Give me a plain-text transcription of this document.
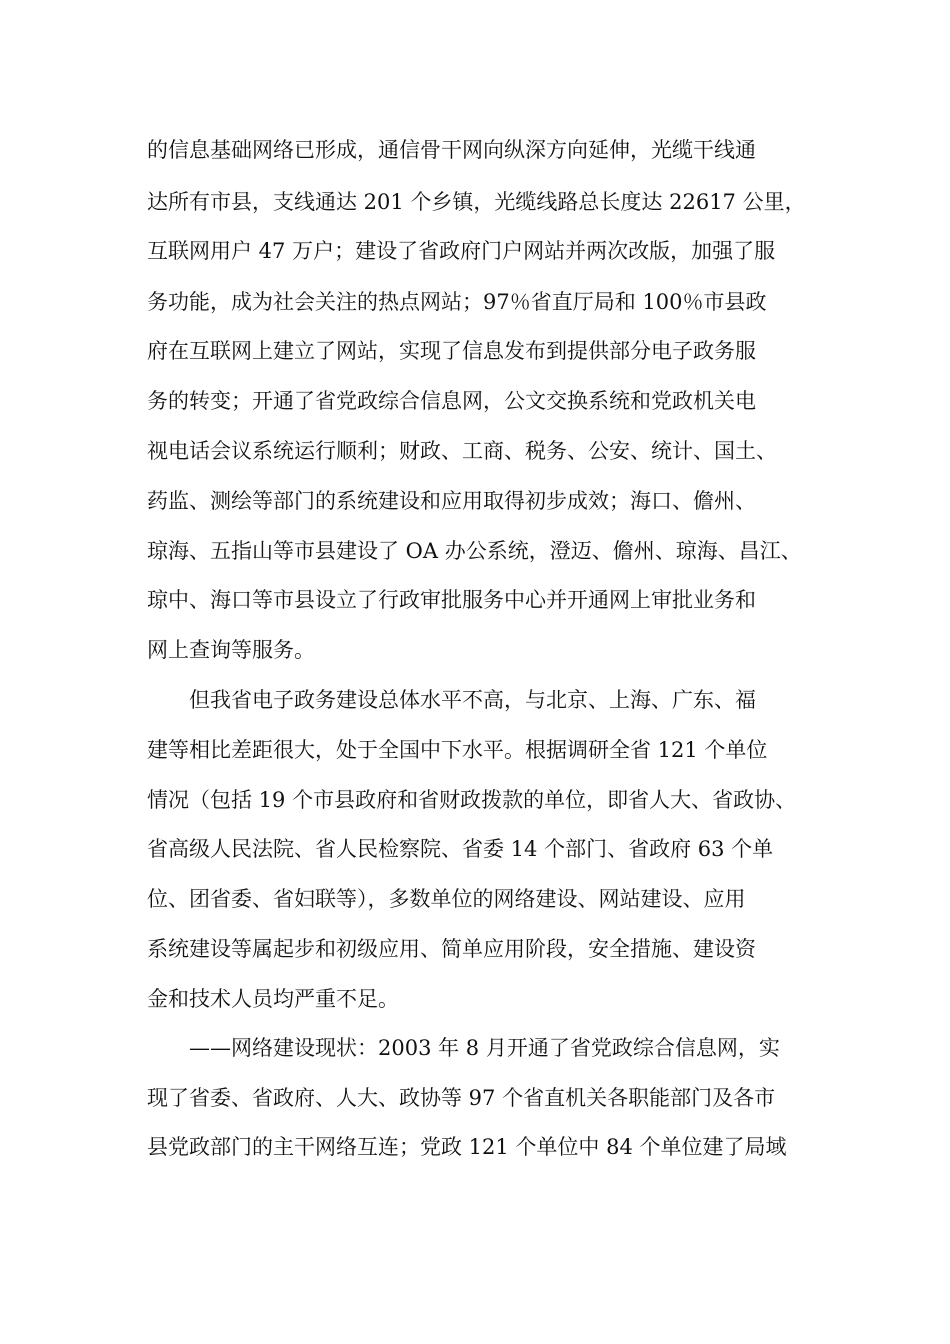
的信息基础网络已形成，通信骨干网向纵深方向延伸，光缆干线通
达所有市县，支线通达 201 个乡镇，光缆线路总长度达 22617 公里，
互联网用户 47 万户；建设了省政府门户网站并两次改版，加强了服
务功能，成为社会关注的热点网站；97％省直厅局和 100％市县政
府在互联网上建立了网站，实现了信息发布到提供部分电子政务服
务的转变；开通了省党政综合信息网，公文交换系统和党政机关电
视电话会议系统运行顺利；财政、工商、税务、公安、统计、国土、
药监、测绘等部门的系统建设和应用取得初步成效；海口、儋州、
琼海、五指山等市县建设了 OA 办公系统，澄迈、儋州、琼海、昌江、
琼中、海口等市县设立了行政审批服务中心并开通网上审批业务和
网上查询等服务。
但我省电子政务建设总体水平不高，与北京、上海、广东、福
建等相比差距很大，处于全国中下水平。根据调研全省 121 个单位
情况（包括 19 个市县政府和省财政拨款的单位，即省人大、省政协、
省高级人民法院、省人民检察院、省委 14 个部门、省政府 63 个单
位、团省委、省妇联等），多数单位的网络建设、网站建设、应用
系统建设等属起步和初级应用、简单应用阶段，安全措施、建设资
金和技术人员均严重不足。
——网络建设现状：2003 年 8 月开通了省党政综合信息网，实
现了省委、省政府、人大、政协等 97 个省直机关各职能部门及各市
县党政部门的主干网络互连；党政 121 个单位中 84 个单位建了局域
